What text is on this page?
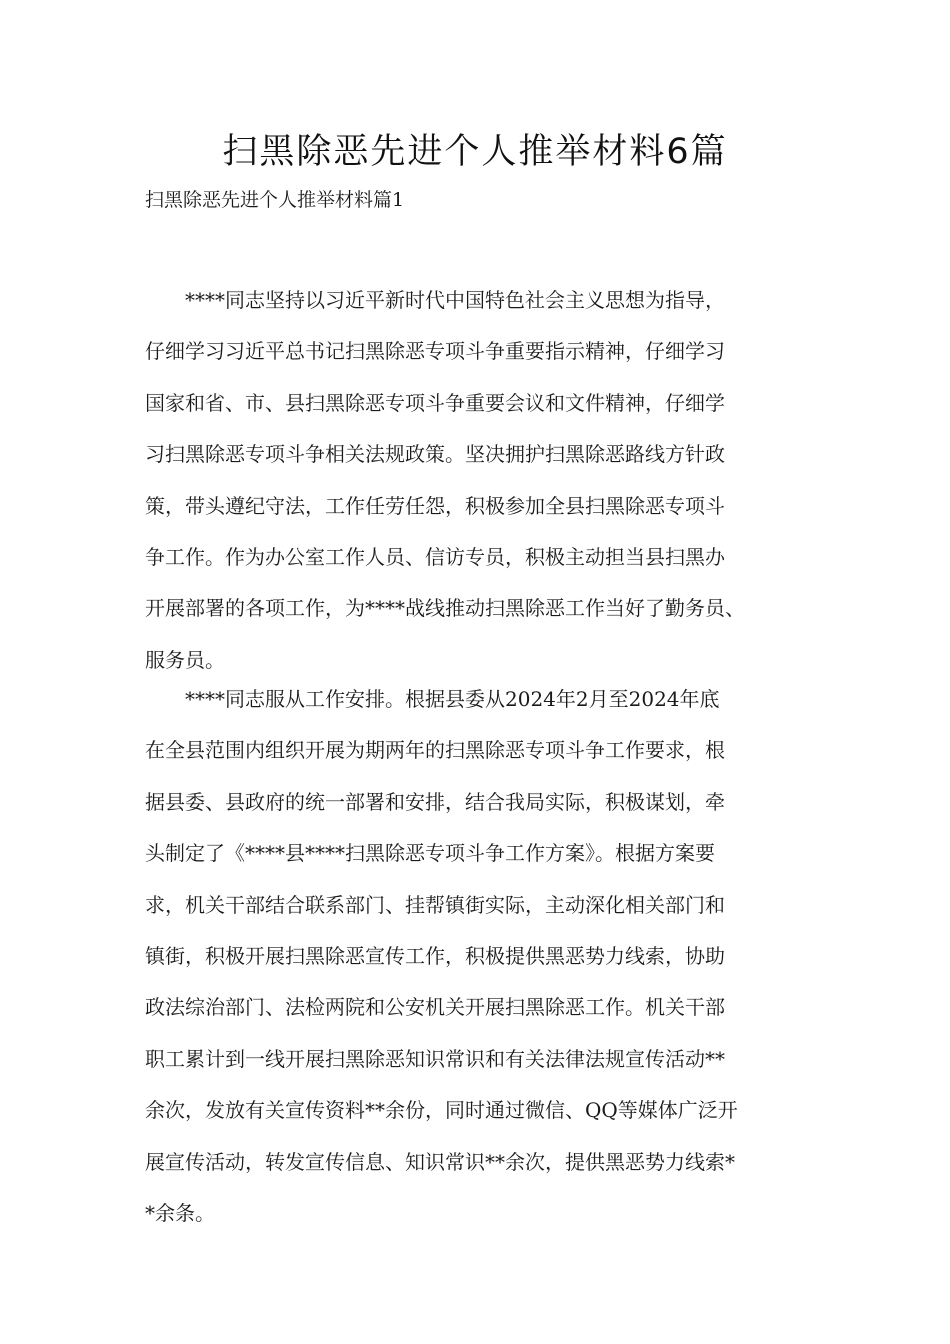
扫黑除恶先进个人推举材料6篇

扫黑除恶先进个人推举材料篇1

　　****同志坚持以习近平新时代中国特色社会主义思想为指导，
仔细学习习近平总书记扫黑除恶专项斗争重要指示精神，仔细学习
国家和省、市、县扫黑除恶专项斗争重要会议和文件精神，仔细学
习扫黑除恶专项斗争相关法规政策。坚决拥护扫黑除恶路线方针政
策，带头遵纪守法，工作任劳任怨，积极参加全县扫黑除恶专项斗
争工作。作为办公室工作人员、信访专员，积极主动担当县扫黑办
开展部署的各项工作，为****战线推动扫黑除恶工作当好了勤务员、
服务员。
　　****同志服从工作安排。根据县委从2024年2月至2024年底
在全县范围内组织开展为期两年的扫黑除恶专项斗争工作要求，根
据县委、县政府的统一部署和安排，结合我局实际，积极谋划，牵
头制定了《****县****扫黑除恶专项斗争工作方案》。根据方案要
求，机关干部结合联系部门、挂帮镇街实际，主动深化相关部门和
镇街，积极开展扫黑除恶宣传工作，积极提供黑恶势力线索，协助
政法综治部门、法检两院和公安机关开展扫黑除恶工作。机关干部
职工累计到一线开展扫黑除恶知识常识和有关法律法规宣传活动**
余次，发放有关宣传资料**余份，同时通过微信、QQ等媒体广泛开
展宣传活动，转发宣传信息、知识常识**余次，提供黑恶势力线索*
*余条。
